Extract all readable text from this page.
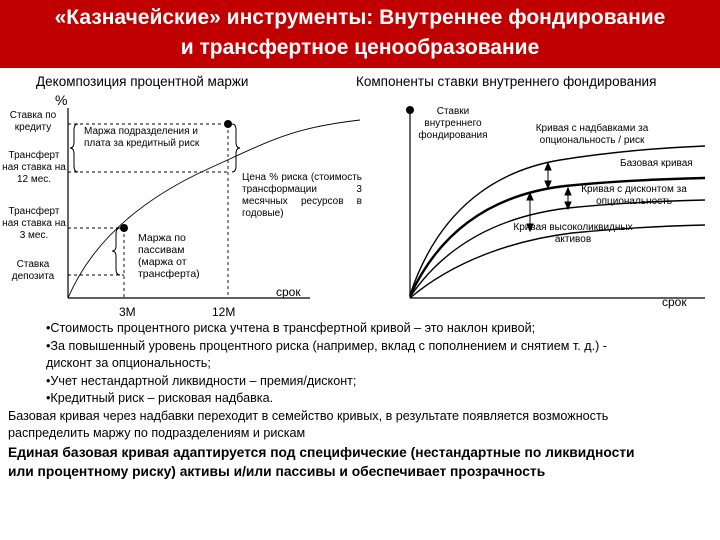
«Казначейские» инструменты: Внутреннее фондирование
и трансфертное ценообразование
Декомпозиция процентной маржи	Компоненты ставки внутреннего фондирования
%
Ставка по кредиту
Трансферт ная ставка на 12 мес.
Трансферт ная ставка на 3 мес.
Ставка депозита
Маржа подразделения и плата за кредитный риск
Маржа по пассивам (маржа от трансферта)
Цена % риска (стоимость трансформации 3 месячных ресурсов в годовые)
срок
3М	12М
Ставки внутреннего фондирования
Кривая с надбавками за опциональность / риск
Базовая кривая
Кривая с дисконтом за опциональность
Кривая высоколиквидных активов
срок

•Стоимость процентного риска учтена в трансфертной кривой – это наклон кривой;

•За повышенный уровень процентного риска (например, вклад с пополнением и снятием т. д.) -

дисконт за опциональность;

•Учет нестандартной ликвидности – премия/дисконт;

•Кредитный риск – рисковая надбавка.

Базовая кривая через надбавки переходит в семейство кривых, в результате появляется возможность

распределить маржу по подразделениям и рискам

Единая базовая кривая адаптируется под специфические (нестандартные по ликвидности

или процентному риску) активы и/или пассивы и обеспечивает прозрачность
